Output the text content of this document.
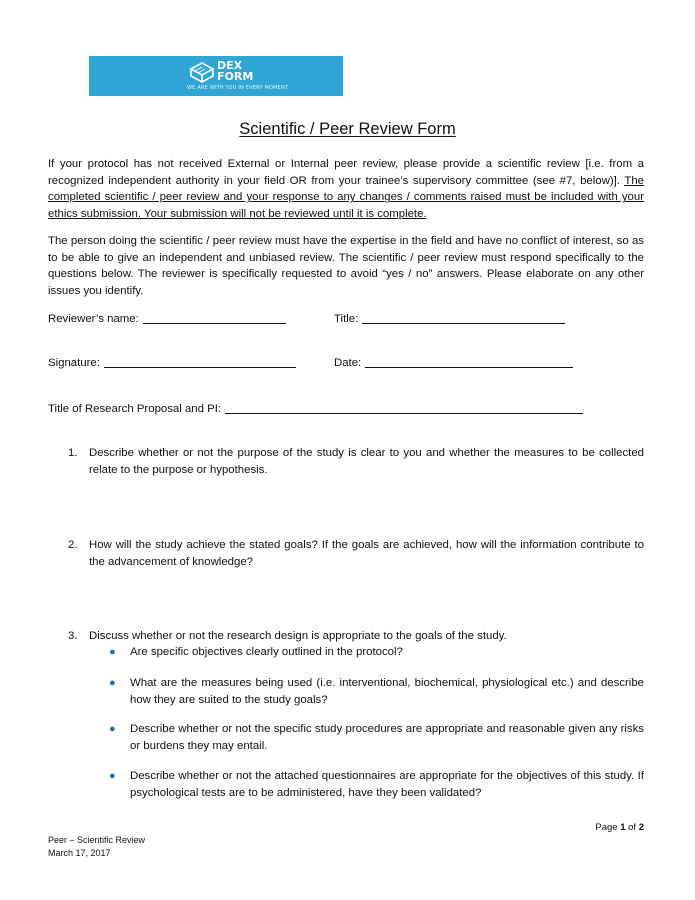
DEX
FORM
WE ARE WITH YOU IN EVERY MOMENT
Scientific / Peer Review Form

If your protocol has not received External or Internal peer review, please provide a scientific review [i.e. from a recognized independent authority in your field OR from your trainee’s supervisory committee (see #7, below)]. The completed scientific / peer review and your response to any changes / comments raised must be included with your ethics submission. Your submission will not be reviewed until it is complete.

The person doing the scientific / peer review must have the expertise in the field and have no conflict of interest, so as to be able to give an independent and unbiased review. The scientific / peer review must respond specifically to the questions below. The reviewer is specifically requested to avoid “yes / no” answers. Please elaborate on any other issues you identify.

Reviewer’s name:	Title:
Signature:	Date:
Title of Research Proposal and PI:
1. Describe whether or not the purpose of the study is clear to you and whether the measures to be collected relate to the purpose or hypothesis.
2. How will the study achieve the stated goals? If the goals are achieved, how will the information contribute to the advancement of knowledge?
3. Discuss whether or not the research design is appropriate to the goals of the study.
● Are specific objectives clearly outlined in the protocol?
● What are the measures being used (i.e. interventional, biochemical, physiological etc.) and describe how they are suited to the study goals?
● Describe whether or not the specific study procedures are appropriate and reasonable given any risks or burdens they may entail.
● Describe whether or not the attached questionnaires are appropriate for the objectives of this study. If psychological tests are to be administered, have they been validated?
Page 1 of 2
Peer – Scientific Review
March 17, 2017
